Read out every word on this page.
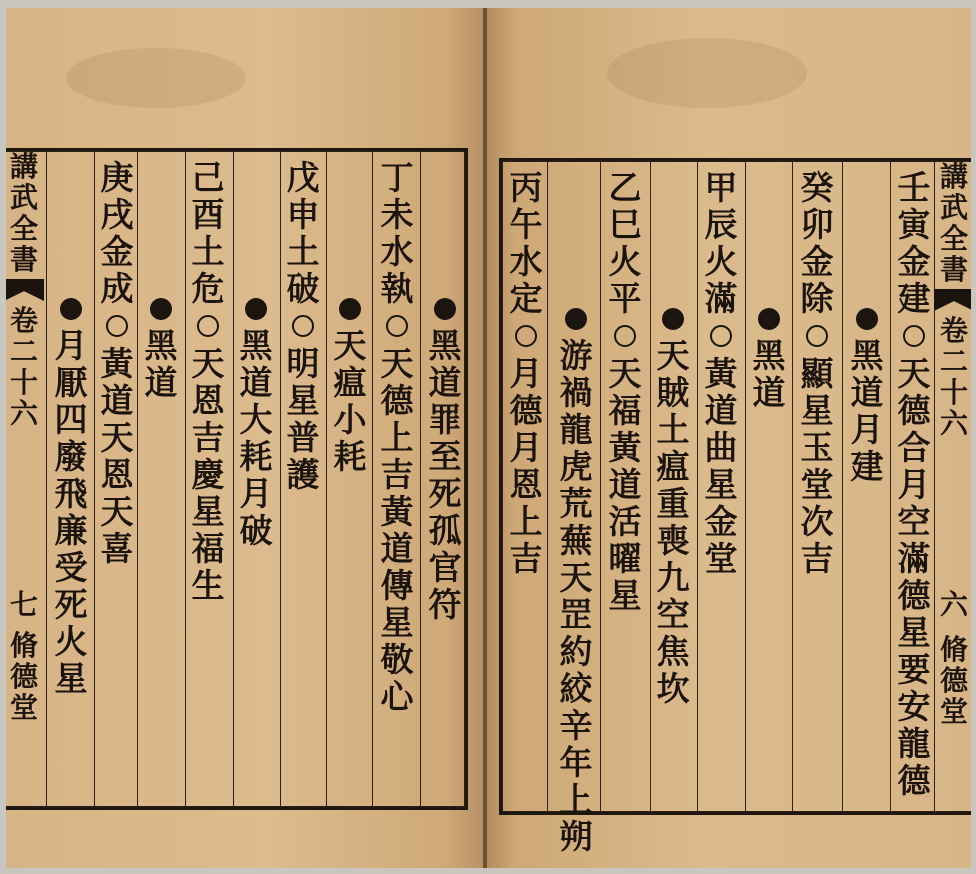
講
武
全
書
卷
二
十
六
七
脩
德
堂
丁
未
水
執
天
德
上
吉
黃
道
傳
星
敬
心
黑
道
罪
至
死
孤
官
符
戊
申
土
破
明
星
普
護
天
瘟
小
耗
己
酉
土
危
天
恩
吉
慶
星
福
生
黑
道
大
耗
月
破
庚
戌
金
成
黃
道
天
恩
天
喜
黑
道
月
厭
四
廢
飛
廉
受
死
火
星
壬
寅
金
建
天
德
合
月
空
滿
德
星
要
安
龍
德
黑
道
月
建
癸
卯
金
除
顯
星
玉
堂
次
吉
黑
道
甲
辰
火
滿
黃
道
曲
星
金
堂
天
賊
土
瘟
重
喪
九
空
焦
坎
乙
巳
火
平
天
福
黃
道
活
曜
星
游
禍
龍
虎
荒
蕪
天
罡
約
絞
辛
年
上
朔
丙
午
水
定
月
德
月
恩
上
吉
講
武
全
書
卷
二
十
六
六
脩
德
堂
